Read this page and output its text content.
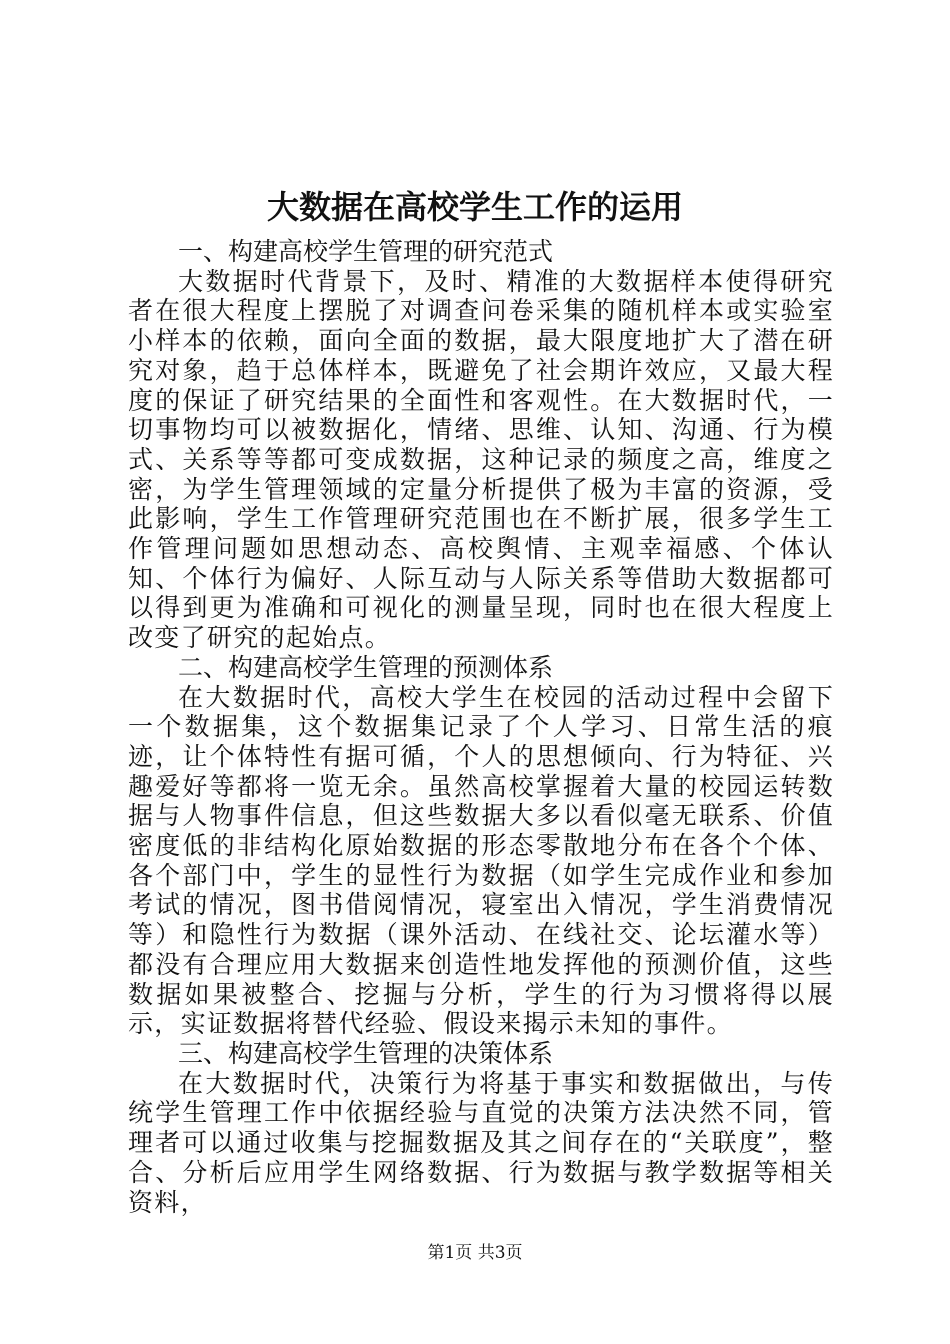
大数据在高校学生工作的运用

一、构建高校学生管理的研究范式

大数据时代背景下，及时、精准的大数据样本使得研究者在很大程度上摆脱了对调查问卷采集的随机样本或实验室小样本的依赖，面向全面的数据，最大限度地扩大了潜在研究对象，趋于总体样本，既避免了社会期许效应，又最大程度的保证了研究结果的全面性和客观性。在大数据时代，一切事物均可以被数据化，情绪、思维、认知、沟通、行为模式、关系等等都可变成数据，这种记录的频度之高，维度之密，为学生管理领域的定量分析提供了极为丰富的资源，受此影响，学生工作管理研究范围也在不断扩展，很多学生工作管理问题如思想动态、高校舆情、主观幸福感、个体认知、个体行为偏好、人际互动与人际关系等借助大数据都可以得到更为准确和可视化的测量呈现，同时也在很大程度上改变了研究的起始点。

二、构建高校学生管理的预测体系

在大数据时代，高校大学生在校园的活动过程中会留下一个数据集，这个数据集记录了个人学习、日常生活的痕迹，让个体特性有据可循，个人的思想倾向、行为特征、兴趣爱好等都将一览无余。虽然高校掌握着大量的校园运转数据与人物事件信息，但这些数据大多以看似毫无联系、价值密度低的非结构化原始数据的形态零散地分布在各个个体、各个部门中，学生的显性行为数据（如学生完成作业和参加考试的情况，图书借阅情况，寝室出入情况，学生消费情况等）和隐性行为数据（课外活动、在线社交、论坛灌水等）都没有合理应用大数据来创造性地发挥他的预测价值，这些数据如果被整合、挖掘与分析，学生的行为习惯将得以展示，实证数据将替代经验、假设来揭示未知的事件。

三、构建高校学生管理的决策体系

在大数据时代，决策行为将基于事实和数据做出，与传统学生管理工作中依据经验与直觉的决策方法决然不同，管理者可以通过收集与挖掘数据及其之间存在的“关联度”，整合、分析后应用学生网络数据、行为数据与教学数据等相关资料，

第1页 共3页
